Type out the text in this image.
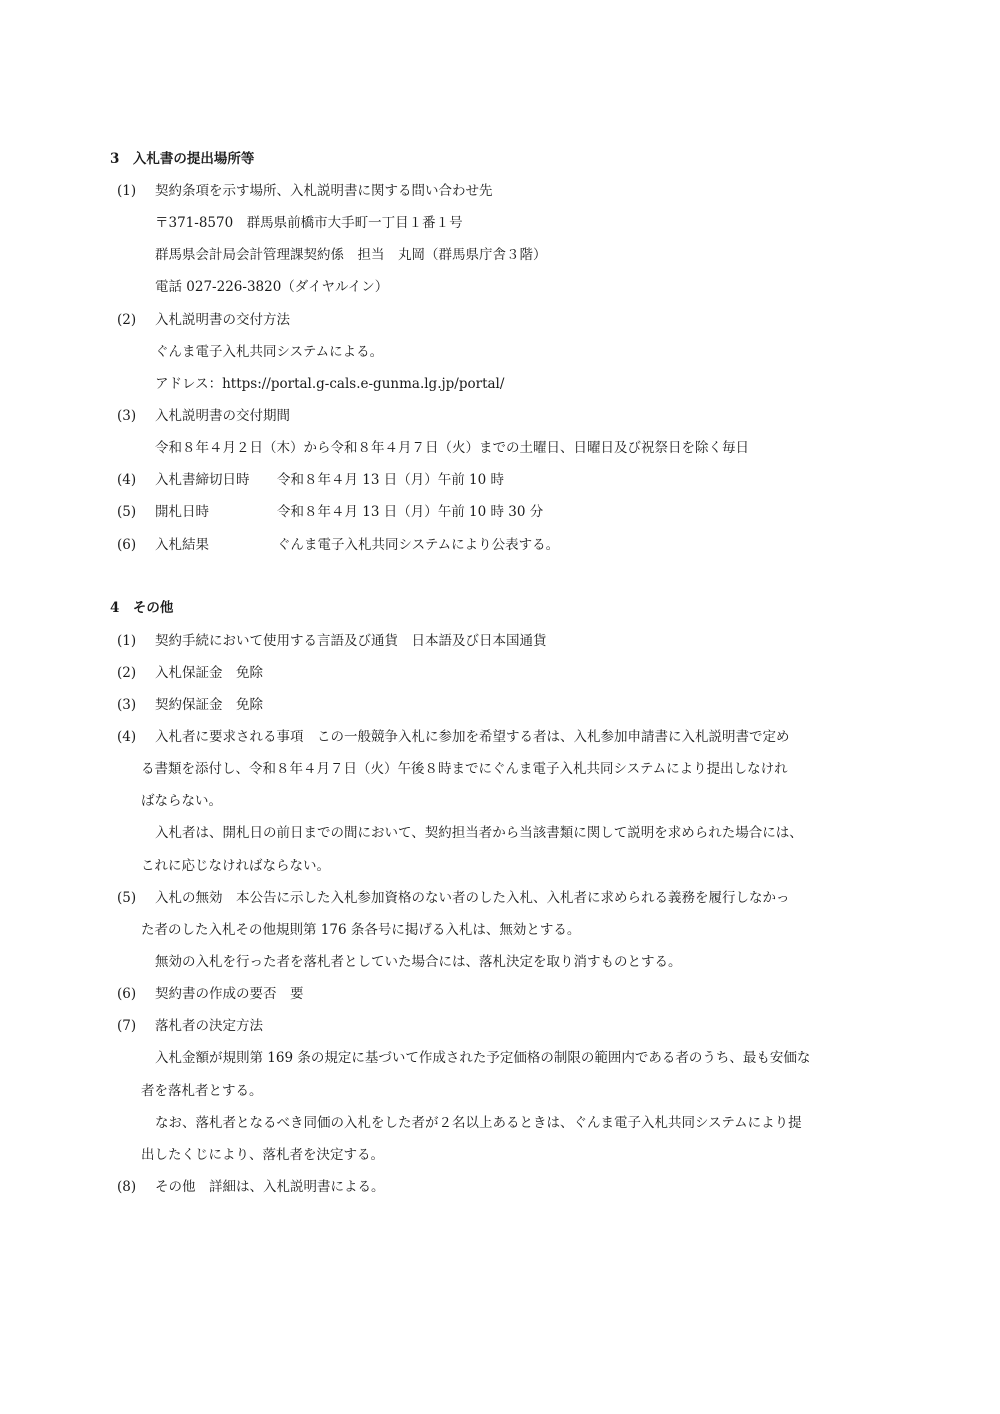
3　入札書の提出場所等
(1) 契約条項を示す場所、入札説明書に関する問い合わせ先
〒371-8570　群馬県前橋市大手町一丁目１番１号
群馬県会計局会計管理課契約係　担当　丸岡（群馬県庁舎３階）
電話 027-226-3820（ダイヤルイン）
(2) 入札説明書の交付方法
ぐんま電子入札共同システムによる。
アドレス：https://portal.g-cals.e-gunma.lg.jp/portal/
(3) 入札説明書の交付期間
令和８年４月２日（木）から令和８年４月７日（火）までの土曜日、日曜日及び祝祭日を除く毎日
(4) 入札書締切日時 令和８年４月 13 日（月）午前 10 時
(5) 開札日時	令和８年４月 13 日（月）午前 10 時 30 分
(6) 入札結果	ぐんま電子入札共同システムにより公表する。
4　その他
(1) 契約手続において使用する言語及び通貨　日本語及び日本国通貨
(2) 入札保証金　免除
(3) 契約保証金　免除
(4) 入札者に要求される事項　この一般競争入札に参加を希望する者は、入札参加申請書に入札説明書で定め
る書類を添付し、令和８年４月７日（火）午後８時までにぐんま電子入札共同システムにより提出しなけれ
ばならない。
入札者は、開札日の前日までの間において、契約担当者から当該書類に関して説明を求められた場合には、
これに応じなければならない。
(5) 入札の無効　本公告に示した入札参加資格のない者のした入札、入札者に求められる義務を履行しなかっ
た者のした入札その他規則第 176 条各号に掲げる入札は、無効とする。
無効の入札を行った者を落札者としていた場合には、落札決定を取り消すものとする。
(6) 契約書の作成の要否　要
(7) 落札者の決定方法
入札金額が規則第 169 条の規定に基づいて作成された予定価格の制限の範囲内である者のうち、最も安価な
者を落札者とする。
なお、落札者となるべき同価の入札をした者が２名以上あるときは、ぐんま電子入札共同システムにより提
出したくじにより、落札者を決定する。
(8) その他　詳細は、入札説明書による。
